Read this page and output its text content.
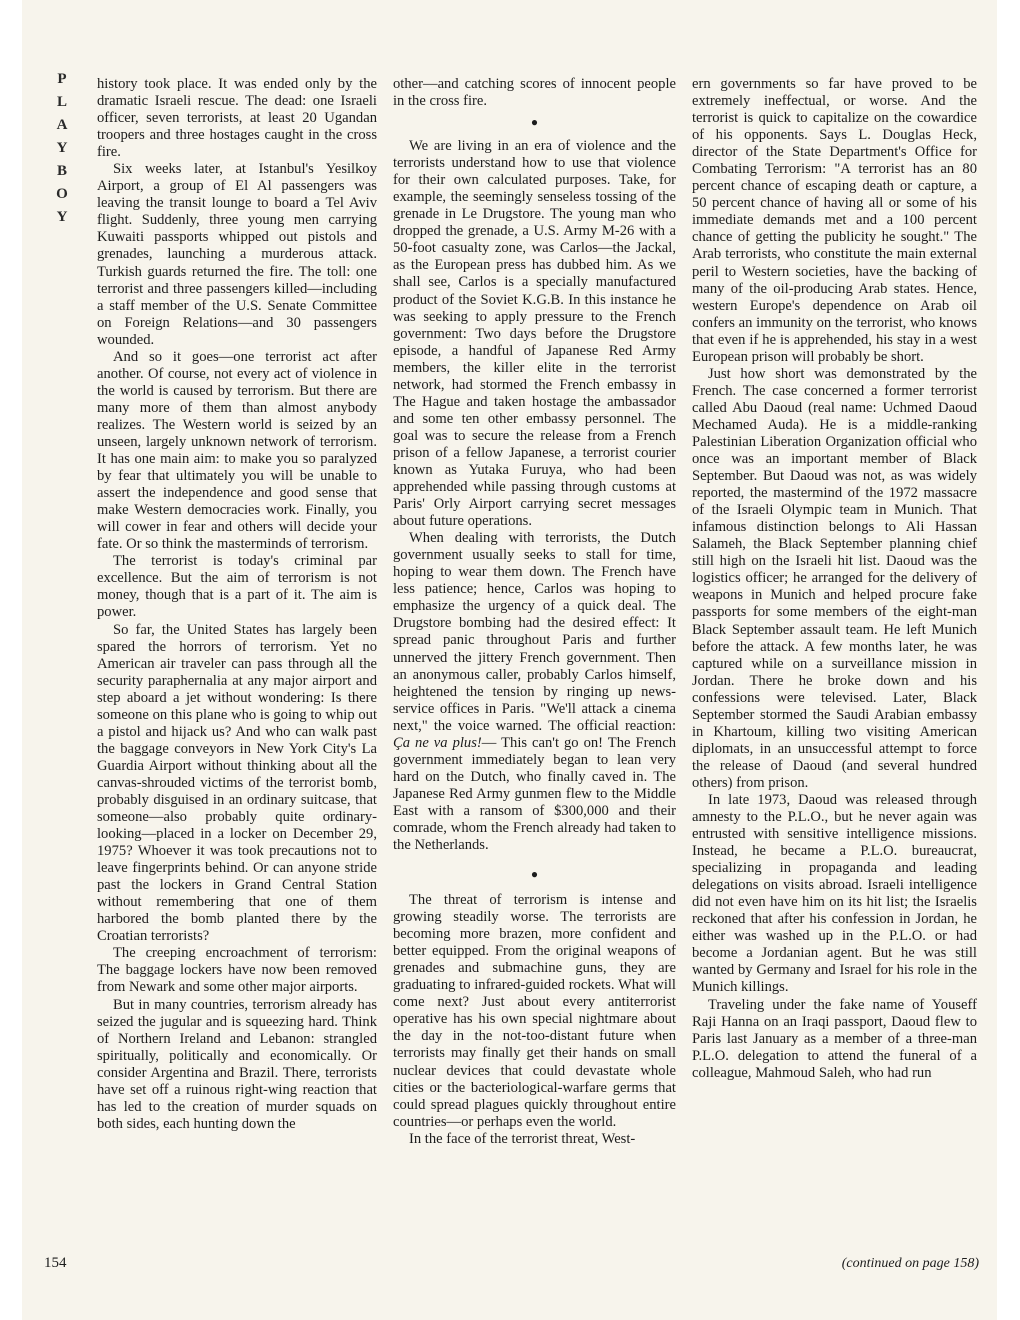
P
L
A
Y
B
O
Y

history took place. It was ended only by the dramatic Israeli rescue. The dead: one Israeli officer, seven terrorists, at least 20 Ugandan troopers and three hostages caught in the cross fire.

Six weeks later, at Istanbul's Yesilkoy Airport, a group of El Al passengers was leaving the transit lounge to board a Tel Aviv flight. Suddenly, three young men carrying Kuwaiti passports whipped out pistols and grenades, launching a murderous attack. Turkish guards returned the fire. The toll: one terrorist and three passengers killed—including a staff member of the U.S. Senate Committee on Foreign Relations—and 30 passengers wounded.

And so it goes—one terrorist act after another. Of course, not every act of violence in the world is caused by terrorism. But there are many more of them than almost anybody realizes. The Western world is seized by an unseen, largely unknown network of terrorism. It has one main aim: to make you so paralyzed by fear that ultimately you will be unable to assert the independence and good sense that make Western democracies work. Finally, you will cower in fear and others will decide your fate. Or so think the masterminds of terrorism.

The terrorist is today's criminal par excellence. But the aim of terrorism is not money, though that is a part of it. The aim is power.

So far, the United States has largely been spared the horrors of terrorism. Yet no American air traveler can pass through all the security paraphernalia at any major airport and step aboard a jet without wondering: Is there someone on this plane who is going to whip out a pistol and hijack us? And who can walk past the baggage conveyors in New York City's La Guardia Airport without thinking about all the canvas-shrouded victims of the terrorist bomb, probably disguised in an ordinary suitcase, that someone—also probably quite ordinary-looking—placed in a locker on December 29, 1975? Whoever it was took precautions not to leave fingerprints behind. Or can anyone stride past the lockers in Grand Central Station without remembering that one of them harbored the bomb planted there by the Croatian terrorists?

The creeping encroachment of terrorism: The baggage lockers have now been removed from Newark and some other major airports.

But in many countries, terrorism already has seized the jugular and is squeezing hard. Think of Northern Ireland and Lebanon: strangled spiritually, politically and economically. Or consider Argentina and Brazil. There, terrorists have set off a ruinous right-wing reaction that has led to the creation of murder squads on both sides, each hunting down the

other—and catching scores of innocent people in the cross fire.

●

We are living in an era of violence and the terrorists understand how to use that violence for their own calculated purposes. Take, for example, the seemingly senseless tossing of the grenade in Le Drugstore. The young man who dropped the grenade, a U.S. Army M-26 with a 50-foot casualty zone, was Carlos—the Jackal, as the European press has dubbed him. As we shall see, Carlos is a specially manufactured product of the Soviet K.G.B. In this instance he was seeking to apply pressure to the French government: Two days before the Drugstore episode, a handful of Japanese Red Army members, the killer elite in the terrorist network, had stormed the French embassy in The Hague and taken hostage the ambassador and some ten other embassy personnel. The goal was to secure the release from a French prison of a fellow Japanese, a terrorist courier known as Yutaka Furuya, who had been apprehended while passing through customs at Paris' Orly Airport carrying secret messages about future operations.

When dealing with terrorists, the Dutch government usually seeks to stall for time, hoping to wear them down. The French have less patience; hence, Carlos was hoping to emphasize the urgency of a quick deal. The Drugstore bombing had the desired effect: It spread panic throughout Paris and further unnerved the jittery French government. Then an anonymous caller, probably Carlos himself, heightened the tension by ringing up news-service offices in Paris. "We'll attack a cinema next," the voice warned. The official reaction: Ça ne va plus!— This can't go on! The French government immediately began to lean very hard on the Dutch, who finally caved in. The Japanese Red Army gunmen flew to the Middle East with a ransom of $300,000 and their comrade, whom the French already had taken to the Netherlands.

●

The threat of terrorism is intense and growing steadily worse. The terrorists are becoming more brazen, more confident and better equipped. From the original weapons of grenades and submachine guns, they are graduating to infrared-guided rockets. What will come next? Just about every antiterrorist operative has his own special nightmare about the day in the not-too-distant future when terrorists may finally get their hands on small nuclear devices that could devastate whole cities or the bacteriological-warfare germs that could spread plagues quickly throughout entire countries—or perhaps even the world.

In the face of the terrorist threat, West-

ern governments so far have proved to be extremely ineffectual, or worse. And the terrorist is quick to capitalize on the cowardice of his opponents. Says L. Douglas Heck, director of the State Department's Office for Combating Terrorism: "A terrorist has an 80 percent chance of escaping death or capture, a 50 percent chance of having all or some of his immediate demands met and a 100 percent chance of getting the publicity he sought." The Arab terrorists, who constitute the main external peril to Western societies, have the backing of many of the oil-producing Arab states. Hence, western Europe's dependence on Arab oil confers an immunity on the terrorist, who knows that even if he is apprehended, his stay in a west European prison will probably be short.

Just how short was demonstrated by the French. The case concerned a former terrorist called Abu Daoud (real name: Uchmed Daoud Mechamed Auda). He is a middle-ranking Palestinian Liberation Organization official who once was an important member of Black September. But Daoud was not, as was widely reported, the mastermind of the 1972 massacre of the Israeli Olympic team in Munich. That infamous distinction belongs to Ali Hassan Salameh, the Black September planning chief still high on the Israeli hit list. Daoud was the logistics officer; he arranged for the delivery of weapons in Munich and helped procure fake passports for some members of the eight-man Black September assault team. He left Munich before the attack. A few months later, he was captured while on a surveillance mission in Jordan. There he broke down and his confessions were televised. Later, Black September stormed the Saudi Arabian embassy in Khartoum, killing two visiting American diplomats, in an unsuccessful attempt to force the release of Daoud (and several hundred others) from prison.

In late 1973, Daoud was released through amnesty to the P.L.O., but he never again was entrusted with sensitive intelligence missions. Instead, he became a P.L.O. bureaucrat, specializing in propaganda and leading delegations on visits abroad. Israeli intelligence did not even have him on its hit list; the Israelis reckoned that after his confession in Jordan, he either was washed up in the P.L.O. or had become a Jordanian agent. But he was still wanted by Germany and Israel for his role in the Munich killings.

Traveling under the fake name of Youseff Raji Hanna on an Iraqi passport, Daoud flew to Paris last January as a member of a three-man P.L.O. delegation to attend the funeral of a colleague, Mahmoud Saleh, who had run

154	(continued on page 158)
